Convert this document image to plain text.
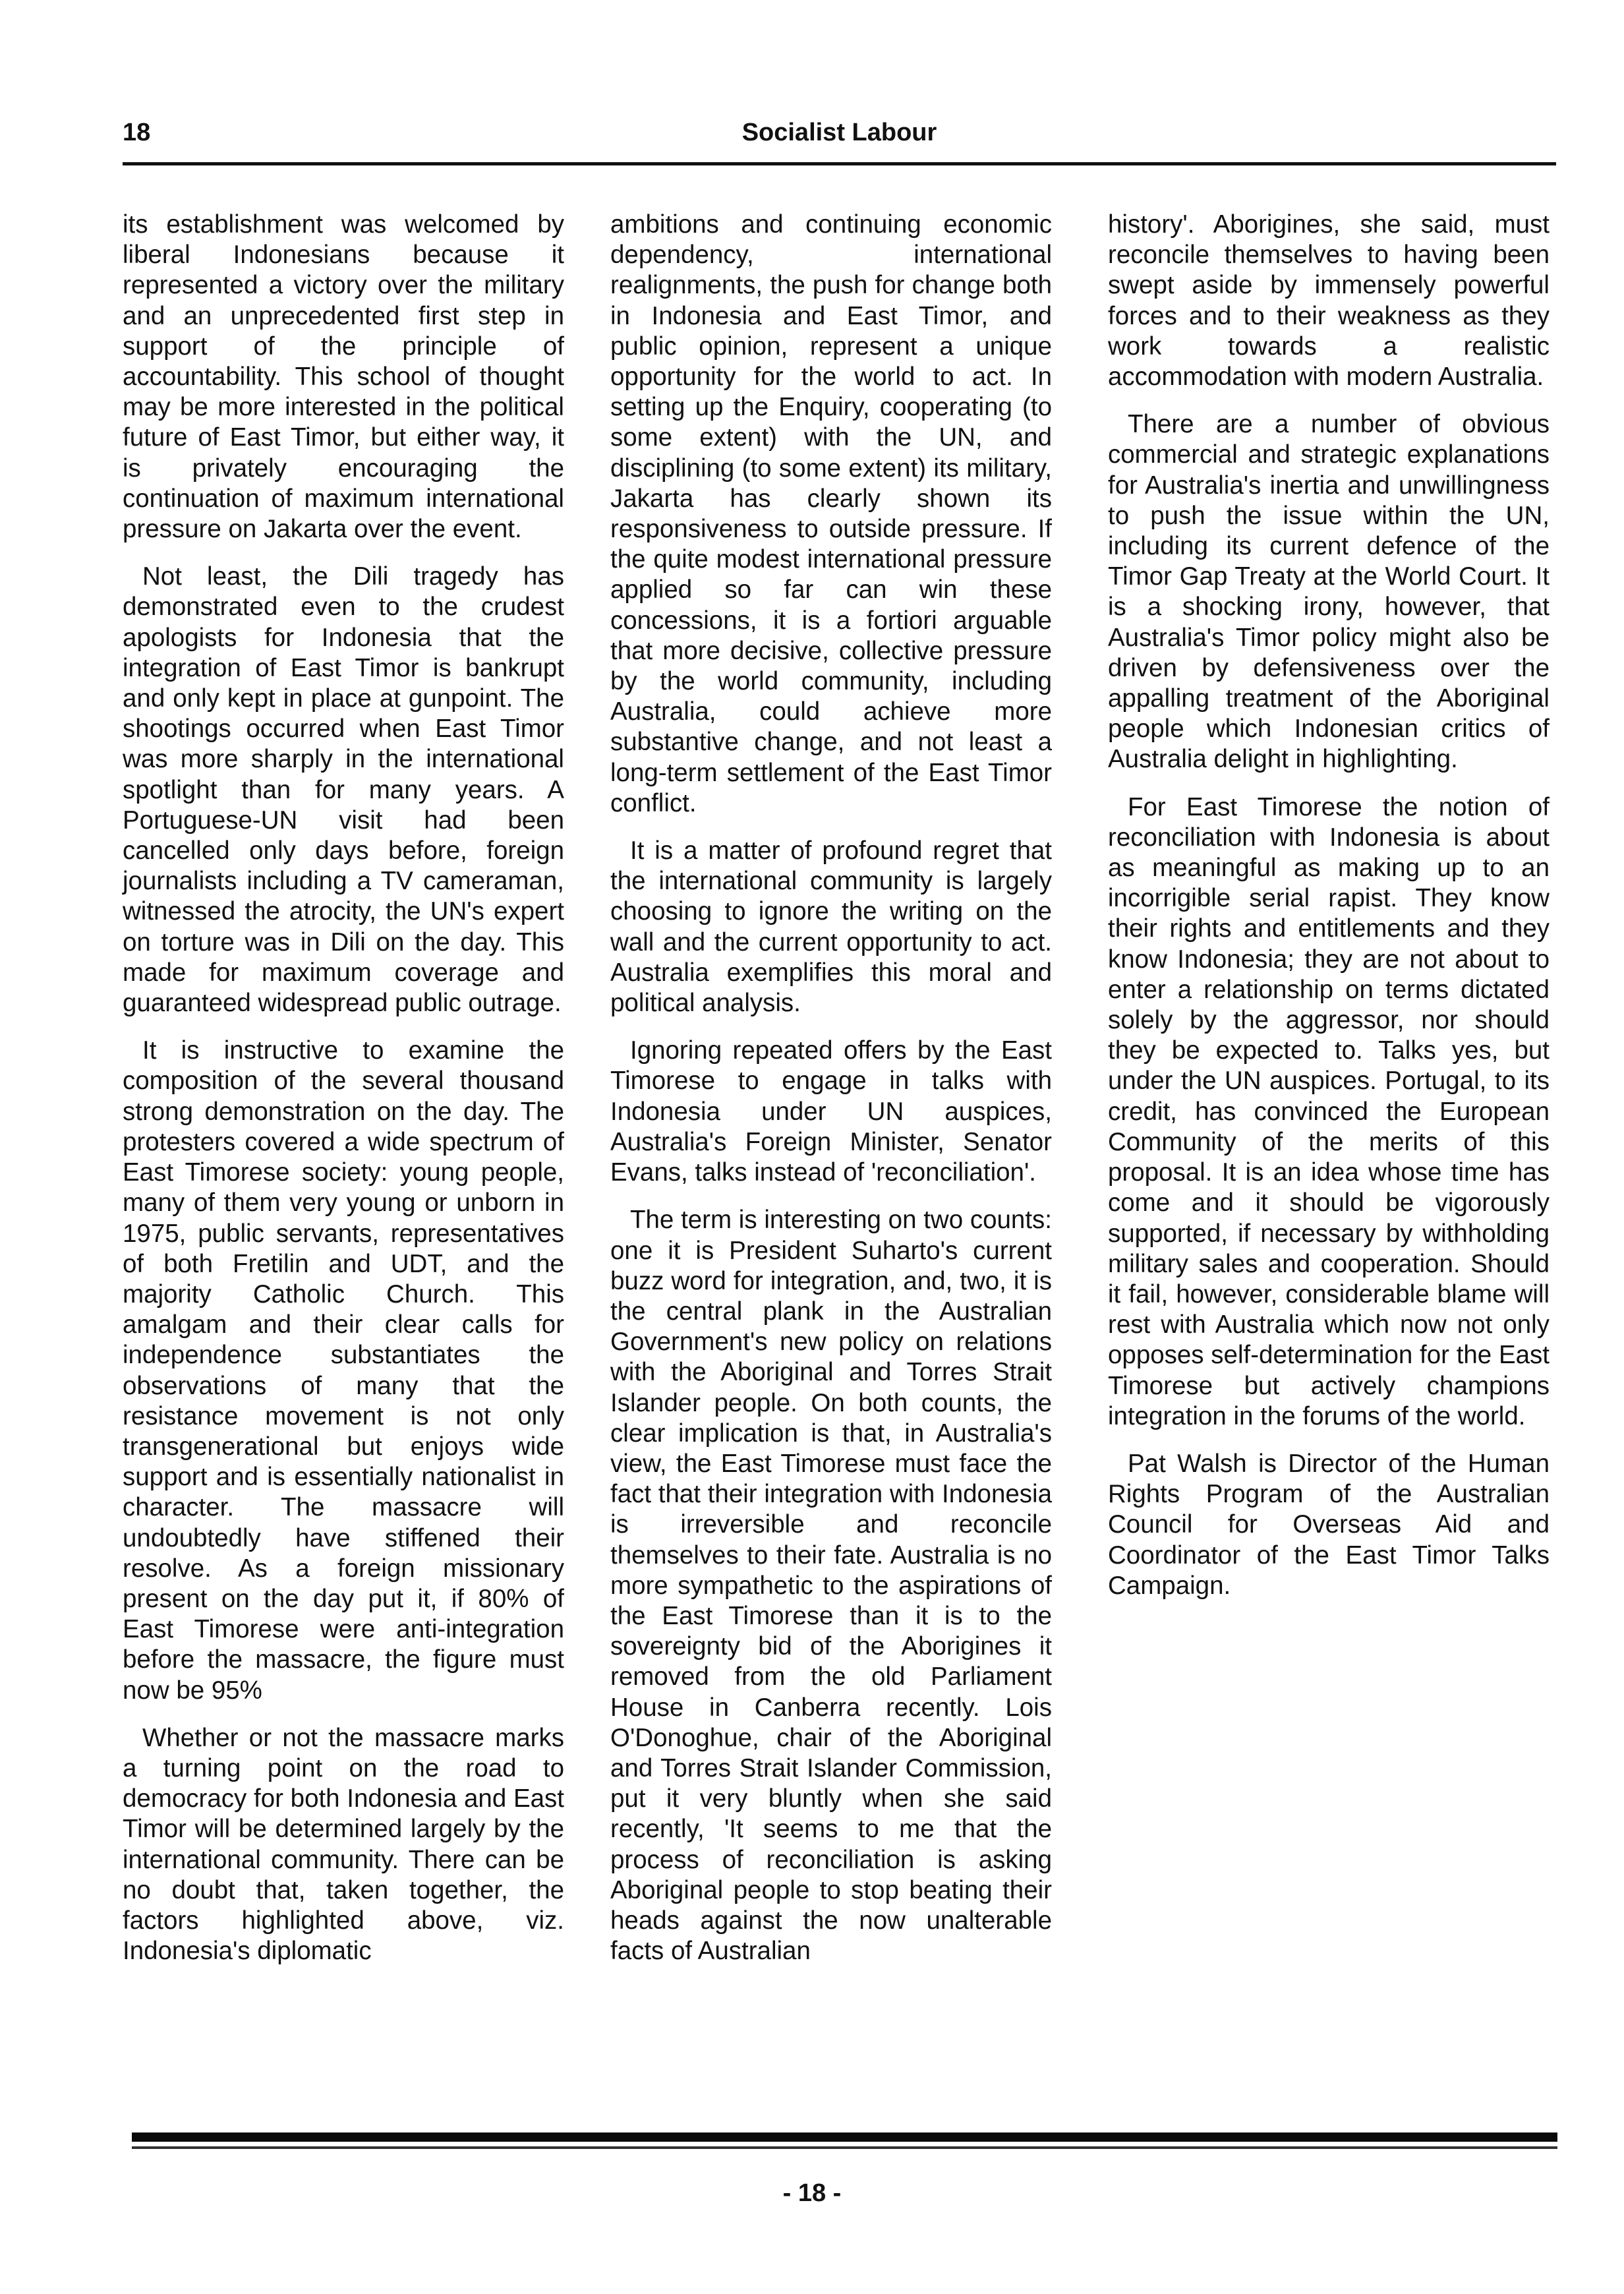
18	Socialist Labour

its establishment was welcomed by liberal Indonesians because it represented a victory over the military and an unprecedented first step in support of the principle of accountability. This school of thought may be more interested in the political future of East Timor, but either way, it is privately encouraging the continuation of maximum international pressure on Jakarta over the event.

Not least, the Dili tragedy has demonstrated even to the crudest apologists for Indonesia that the integration of East Timor is bankrupt and only kept in place at gunpoint. The shootings occurred when East Timor was more sharply in the international spotlight than for many years. A Portuguese-UN visit had been cancelled only days before, foreign journalists including a TV cameraman, witnessed the atrocity, the UN's expert on torture was in Dili on the day. This made for maximum coverage and guaranteed widespread public outrage.

It is instructive to examine the composition of the several thousand strong demonstration on the day. The protesters covered a wide spectrum of East Timorese society: young people, many of them very young or unborn in 1975, public servants, representatives of both Fretilin and UDT, and the majority Catholic Church. This amalgam and their clear calls for independence substantiates the observations of many that the resistance movement is not only transgenerational but enjoys wide support and is essentially nationalist in character. The massacre will undoubtedly have stiffened their resolve. As a foreign missionary present on the day put it, if 80% of East Timorese were anti-integration before the massacre, the figure must now be 95%

Whether or not the massacre marks a turning point on the road to democracy for both Indonesia and East Timor will be determined largely by the international community. There can be no doubt that, taken together, the factors highlighted above, viz. Indonesia's diplomatic

ambitions and continuing economic dependency, international realignments, the push for change both in Indonesia and East Timor, and public opinion, represent a unique opportunity for the world to act. In setting up the Enquiry, cooperating (to some extent) with the UN, and disciplining (to some extent) its military, Jakarta has clearly shown its responsiveness to outside pressure. If the quite modest international pressure applied so far can win these concessions, it is a fortiori arguable that more decisive, collective pressure by the world community, including Australia, could achieve more substantive change, and not least a long-term settlement of the East Timor conflict.

It is a matter of profound regret that the international community is largely choosing to ignore the writing on the wall and the current opportunity to act. Australia exemplifies this moral and political analysis.

Ignoring repeated offers by the East Timorese to engage in talks with Indonesia under UN auspices, Australia's Foreign Minister, Senator Evans, talks instead of 'reconciliation'.

The term is interesting on two counts: one it is President Suharto's current buzz word for integration, and, two, it is the central plank in the Australian Government's new policy on relations with the Aboriginal and Torres Strait Islander people. On both counts, the clear implication is that, in Australia's view, the East Timorese must face the fact that their integration with Indonesia is irreversible and reconcile themselves to their fate. Australia is no more sympathetic to the aspirations of the East Timorese than it is to the sovereignty bid of the Aborigines it removed from the old Parliament House in Canberra recently. Lois O'Donoghue, chair of the Aboriginal and Torres Strait Islander Commission, put it very bluntly when she said recently, 'It seems to me that the process of reconciliation is asking Aboriginal people to stop beating their heads against the now unalterable facts of Australian

history'. Aborigines, she said, must reconcile themselves to having been swept aside by immensely powerful forces and to their weakness as they work towards a realistic accommodation with modern Australia.

There are a number of obvious commercial and strategic explanations for Australia's inertia and unwillingness to push the issue within the UN, including its current defence of the Timor Gap Treaty at the World Court. It is a shocking irony, however, that Australia's Timor policy might also be driven by defensiveness over the appalling treatment of the Aboriginal people which Indonesian critics of Australia delight in highlighting.

For East Timorese the notion of reconciliation with Indonesia is about as meaningful as making up to an incorrigible serial rapist. They know their rights and entitlements and they know Indonesia; they are not about to enter a relationship on terms dictated solely by the aggressor, nor should they be expected to. Talks yes, but under the UN auspices. Portugal, to its credit, has convinced the European Community of the merits of this proposal. It is an idea whose time has come and it should be vigorously supported, if necessary by withholding military sales and cooperation. Should it fail, however, considerable blame will rest with Australia which now not only opposes self-determination for the East Timorese but actively champions integration in the forums of the world.

Pat Walsh is Director of the Human Rights Program of the Australian Council for Overseas Aid and Coordinator of the East Timor Talks Campaign.

- 18 -
